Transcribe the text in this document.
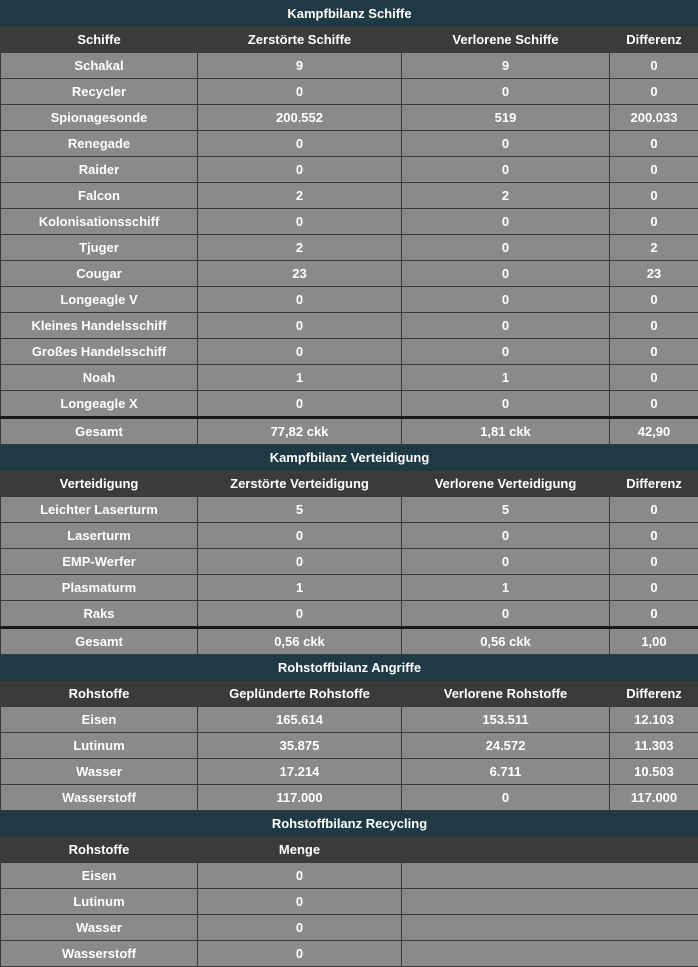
Kampfbilanz Schiffe			
Schiffe	Zerstörte Schiffe	Verlorene Schiffe	Differenz
Schakal	9	9	0
Recycler	0	0	0
Spionagesonde	200.552	519	200.033
Renegade	0	0	0
Raider	0	0	0
Falcon	2	2	0
Kolonisationsschiff	0	0	0
Tjuger	2	0	2
Cougar	23	0	23
Longeagle V	0	0	0
Kleines Handelsschiff	0	0	0
Großes Handelsschiff	0	0	0
Noah	1	1	0
Longeagle X	0	0	0
Gesamt	77,82 ckk	1,81 ckk	42,90
Kampfbilanz Verteidigung			
Verteidigung	Zerstörte Verteidigung	Verlorene Verteidigung	Differenz
Leichter Laserturm	5	5	0
Laserturm	0	0	0
EMP-Werfer	0	0	0
Plasmaturm	1	1	0
Raks	0	0	0
Gesamt	0,56 ckk	0,56 ckk	1,00
Rohstoffbilanz Angriffe			
Rohstoffe	Geplünderte Rohstoffe	Verlorene Rohstoffe	Differenz
Eisen	165.614	153.511	12.103
Lutinum	35.875	24.572	11.303
Wasser	17.214	6.711	10.503
Wasserstoff	117.000	0	117.000
Rohstoffbilanz Recycling			
Rohstoffe	Menge		
Eisen	0		
Lutinum	0		
Wasser	0		
Wasserstoff	0		
